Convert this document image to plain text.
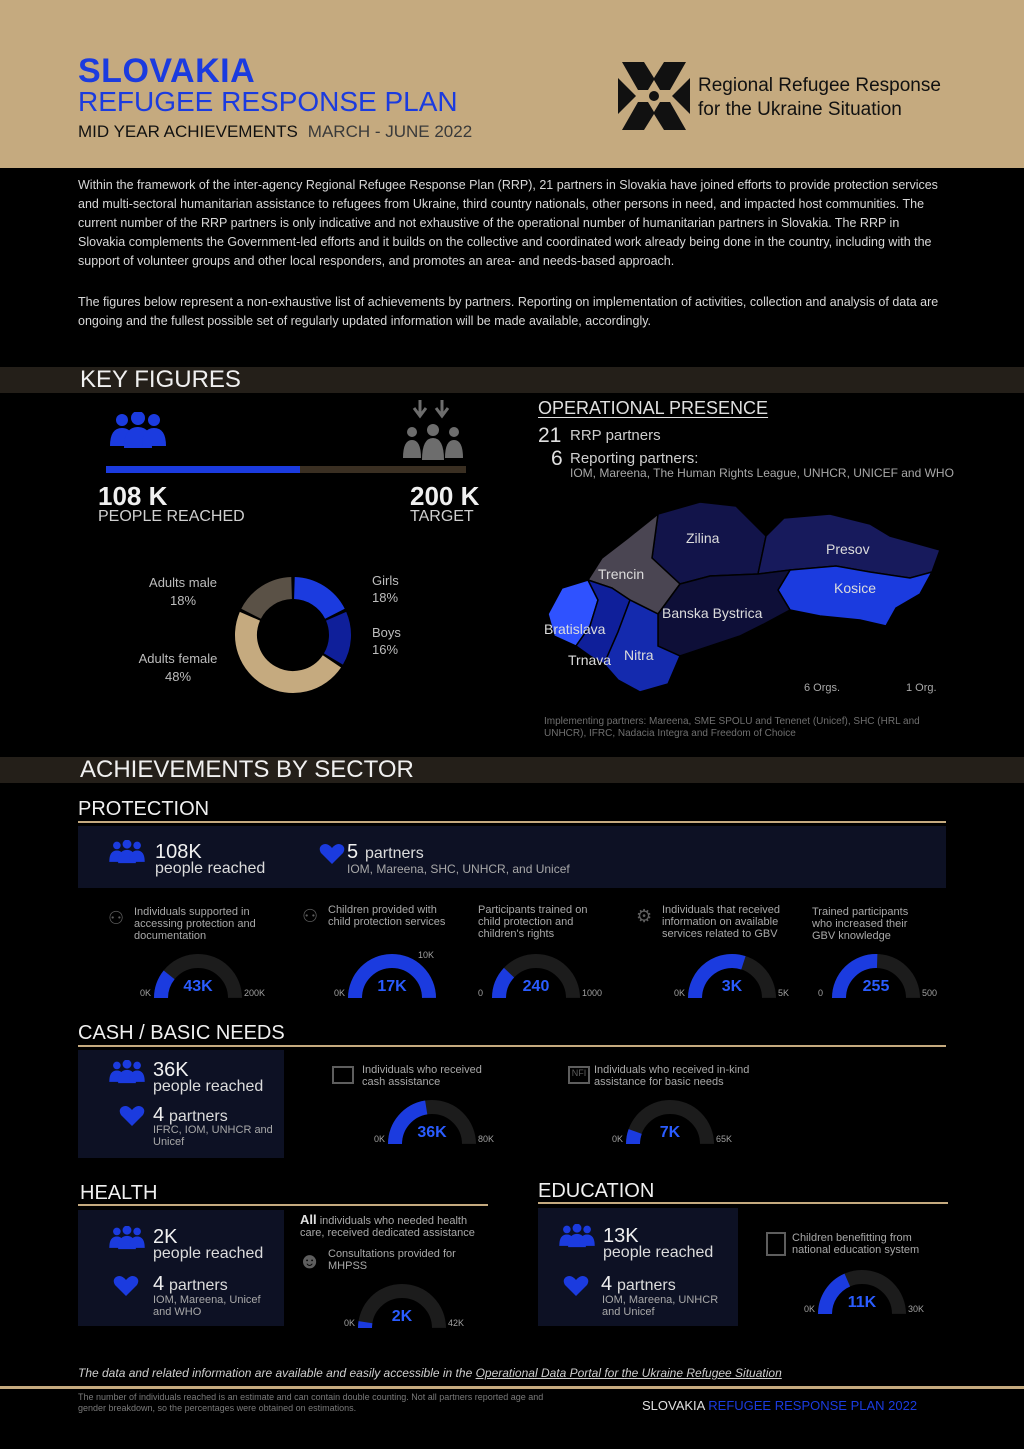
SLOVAKIA
REFUGEE RESPONSE PLAN
MID YEAR ACHIEVEMENTS MARCH - JUNE 2022
Regional Refugee Response
for the Ukraine Situation
Within the framework of the inter-agency Regional Refugee Response Plan (RRP), 21 partners in Slovakia have joined efforts to provide protection services and multi-sectoral humanitarian assistance to refugees from Ukraine, third country nationals, other persons in need, and impacted host communities. The current number of the RRP partners is only indicative and not exhaustive of the operational number of humanitarian partners in Slovakia. The RRP in Slovakia complements the Government-led efforts and it builds on the collective and coordinated work already being done in the country, including with the support of volunteer groups and other local responders, and promotes an area- and needs-based approach.
The figures below represent a non-exhaustive list of achievements by partners. Reporting on implementation of activities, collection and analysis of data are ongoing and the fullest possible set of regularly updated information will be made available, accordingly.
KEY FIGURES
108 K
PEOPLE REACHED
200 K
TARGET
Adults male
18%
Adults female
48%
Girls
18%
Boys
16%
OPERATIONAL PRESENCE
21 RRP partners
6 Reporting partners:
IOM, Mareena, The Human Rights League, UNHCR, UNICEF and WHO
Zilina
Presov
Trencin
Kosice
Banska Bystrica
Bratislava
Nitra
Trnava
6 Orgs.	1 Org.
Implementing partners: Mareena, SME SPOLU and Tenenet (Unicef), SHC (HRL and UNHCR), IFRC, Nadacia Integra and Freedom of Choice
ACHIEVEMENTS BY SECTOR
PROTECTION
108K
people reached
5 partners
IOM, Mareena, SHC, UNHCR, and Unicef
Individuals supported in accessing protection and documentation
Children provided with child protection services
Participants trained on child protection and children's rights
Individuals that received information on available services related to GBV
Trained participants who increased their GBV knowledge
⚇	⚇	⚙
CASH / BASIC NEEDS
36K
people reached
4 partners
IFRC, IOM, UNHCR and Unicef
Individuals who received cash assistance
NFI Individuals who received in-kind assistance for basic needs
HEALTH
2K
people reached
4 partners
IOM, Mareena, Unicef and WHO
All individuals who needed health care, received dedicated assistance
☻ Consultations provided for MHPSS
EDUCATION
13K
people reached
4 partners
IOM, Mareena, UNHCR and Unicef
Children benefitting from national education system
43K
0K	200K	17K
0K
10K
240
0	1000	3K
0K	5K	255
0	500
36K
0K	80K	7K
0K	65K
2K
0K	42K
11K
0K	30K
The data and related information are available and easily accessible in the Operational Data Portal for the Ukraine Refugee Situation
The number of individuals reached is an estimate and can contain double counting. Not all partners reported age and gender breakdown, so the percentages were obtained on estimations.	SLOVAKIA REFUGEE RESPONSE PLAN 2022
